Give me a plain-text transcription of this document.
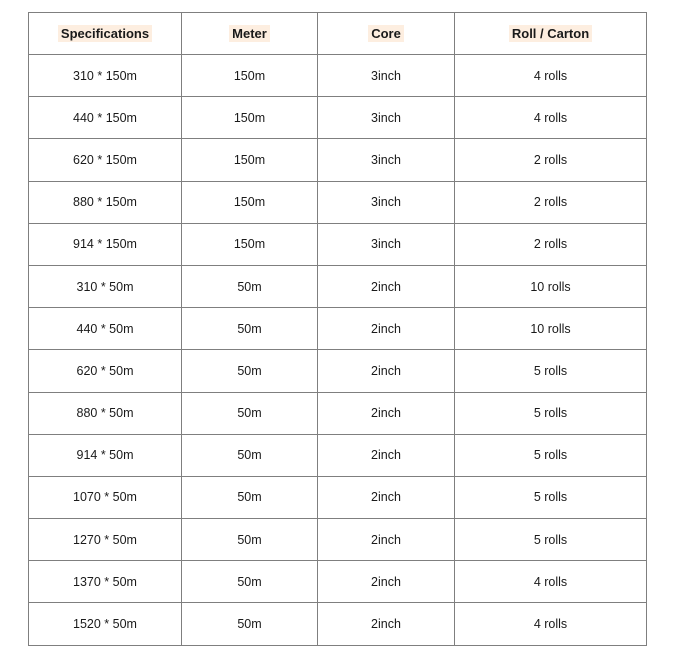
Specifications	Meter	Core	Roll / Carton
310 * 150m	150m	3inch	4 rolls
440 * 150m	150m	3inch	4 rolls
620 * 150m	150m	3inch	2 rolls
880 * 150m	150m	3inch	2 rolls
914 * 150m	150m	3inch	2 rolls
310 * 50m	50m	2inch	10 rolls
440 * 50m	50m	2inch	10 rolls
620 * 50m	50m	2inch	5 rolls
880 * 50m	50m	2inch	5 rolls
914 * 50m	50m	2inch	5 rolls
1070 * 50m	50m	2inch	5 rolls
1270 * 50m	50m	2inch	5 rolls
1370 * 50m	50m	2inch	4 rolls
1520 * 50m	50m	2inch	4 rolls
